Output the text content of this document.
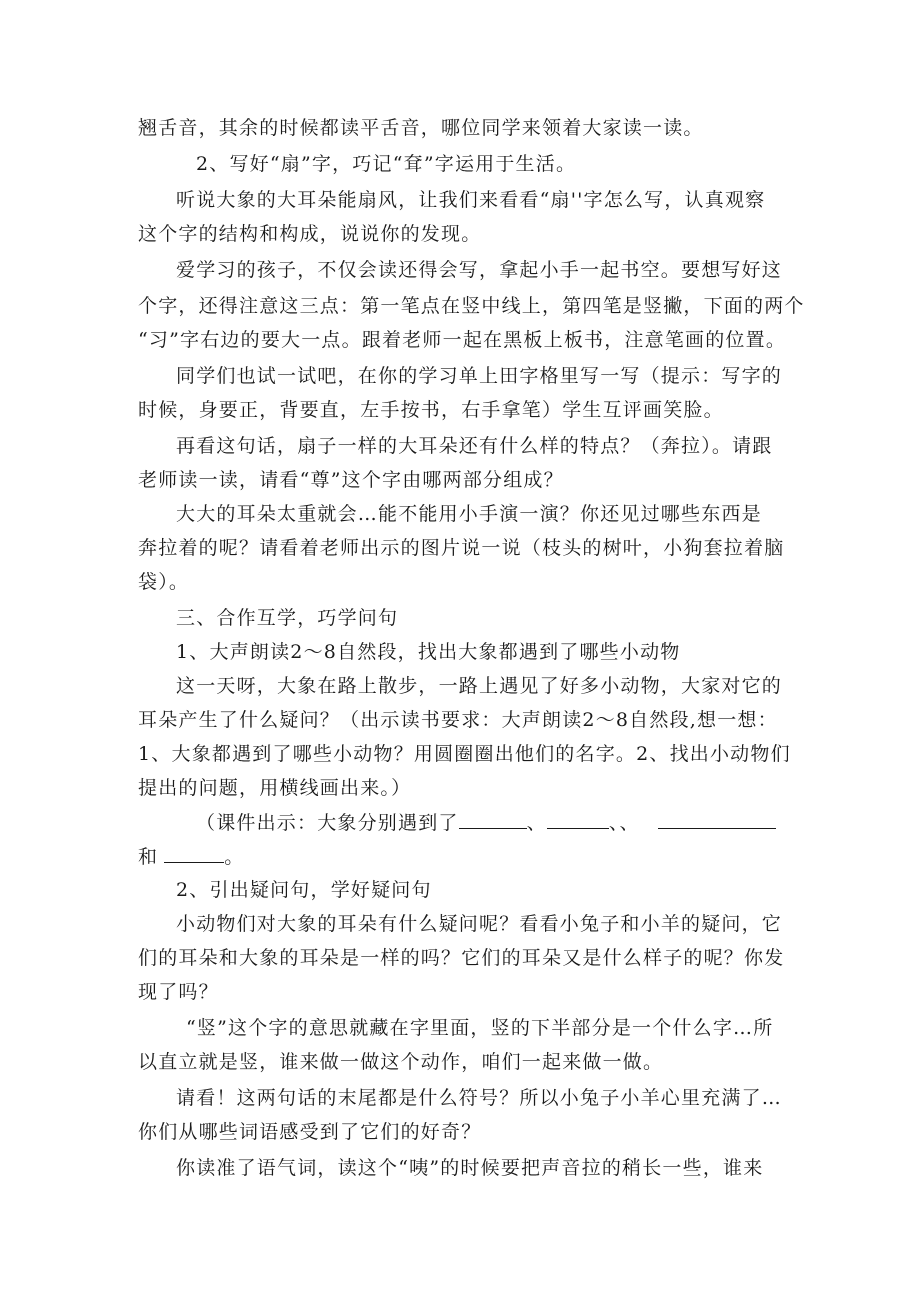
翘舌音，其余的时候都读平舌音，哪位同学来领着大家读一读。
2、写好“扇”字，巧记“耷”字运用于生活。
听说大象的大耳朵能扇风，让我们来看看“扇''字怎么写，认真观察
这个字的结构和构成，说说你的发现。
爱学习的孩子，不仅会读还得会写，拿起小手一起书空。要想写好这
个字，还得注意这三点：第一笔点在竖中线上，第四笔是竖撇，下面的两个
“习”字右边的要大一点。跟着老师一起在黑板上板书，注意笔画的位置。
同学们也试一试吧，在你的学习单上田字格里写一写（提示：写字的
时候，身要正，背要直，左手按书，右手拿笔）学生互评画笑脸。
再看这句话，扇子一样的大耳朵还有什么样的特点？（奔拉）。请跟
老师读一读，请看“尊”这个字由哪两部分组成？
大大的耳朵太重就会…能不能用小手演一演？你还见过哪些东西是
奔拉着的呢？请看着老师出示的图片说一说（枝头的树叶，小狗套拉着脑
袋）。
三、合作互学，巧学问句
1、大声朗读2～8自然段，找出大象都遇到了哪些小动物
这一天呀，大象在路上散步，一路上遇见了好多小动物，大家对它的
耳朵产生了什么疑问？（出示读书要求：大声朗读2～8自然段,想一想：
1、大象都遇到了哪些小动物？用圆圈圈出他们的名字。2、找出小动物们
提出的问题，用横线画出来。）
（课件出示：大象分别遇到了	、	、、
和	。
2、引出疑问句，学好疑问句
小动物们对大象的耳朵有什么疑问呢？看看小兔子和小羊的疑问，它
们的耳朵和大象的耳朵是一样的吗？它们的耳朵又是什么样子的呢？你发
现了吗？
“竖”这个字的意思就藏在字里面，竖的下半部分是一个什么字…所
以直立就是竖，谁来做一做这个动作，咱们一起来做一做。
请看！这两句话的末尾都是什么符号？所以小兔子小羊心里充满了…
你们从哪些词语感受到了它们的好奇？
你读准了语气词，读这个“咦”的时候要把声音拉的稍长一些，谁来
